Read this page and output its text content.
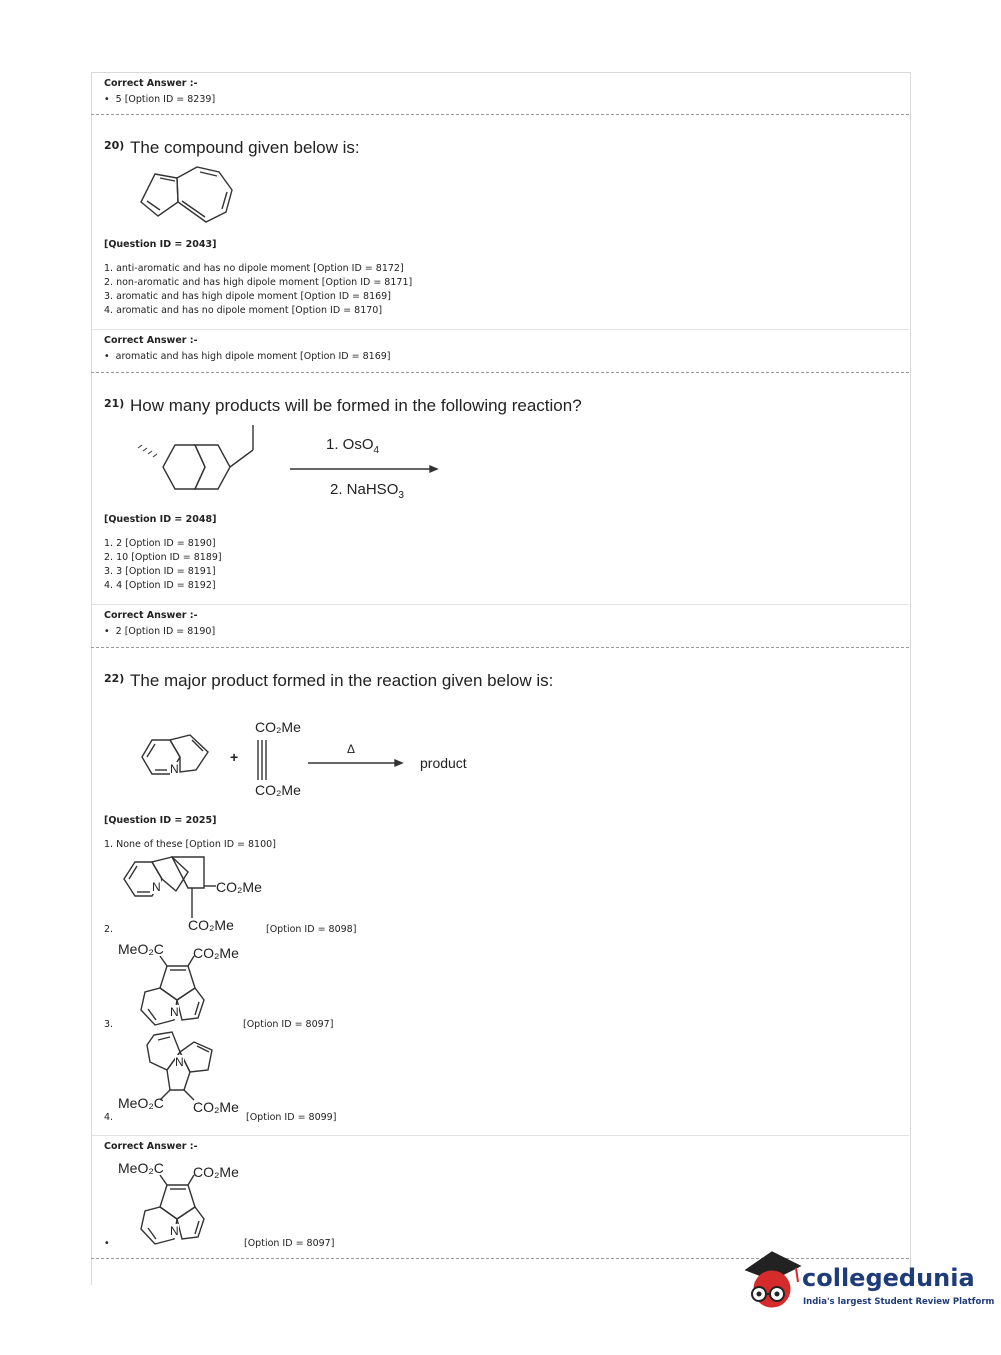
Correct Answer :-
•  5 [Option ID = 8239]
20) The compound given below is:
[Question ID = 2043]
1. anti-aromatic and has no dipole moment [Option ID = 8172]
2. non-aromatic and has high dipole moment [Option ID = 8171]
3. aromatic and has high dipole moment [Option ID = 8169]
4. aromatic and has no dipole moment [Option ID = 8170]
Correct Answer :-
•  aromatic and has high dipole moment [Option ID = 8169]
21) How many products will be formed in the following reaction?
1. OsO$_4$
2. NaHSO$_3$
[Question ID = 2048]
1. 2 [Option ID = 8190]
2. 10 [Option ID = 8189]
3. 3 [Option ID = 8191]
4. 4 [Option ID = 8192]
Correct Answer :-
•  2 [Option ID = 8190]
22) The major product formed in the reaction given below is:
N
+
CO₂Me
CO₂Me
Δ
product
[Question ID = 2025]
1. None of these [Option ID = 8100]
N	CO₂Me
CO₂Me
2.	[Option ID = 8098]
MeO₂C CO₂Me
N
3.	[Option ID = 8097]
N
MeO₂C CO₂Me
4.	[Option ID = 8099]
Correct Answer :-
MeO₂C CO₂Me
N
•	[Option ID = 8097]
collegedunia
India's largest Student Review Platform
